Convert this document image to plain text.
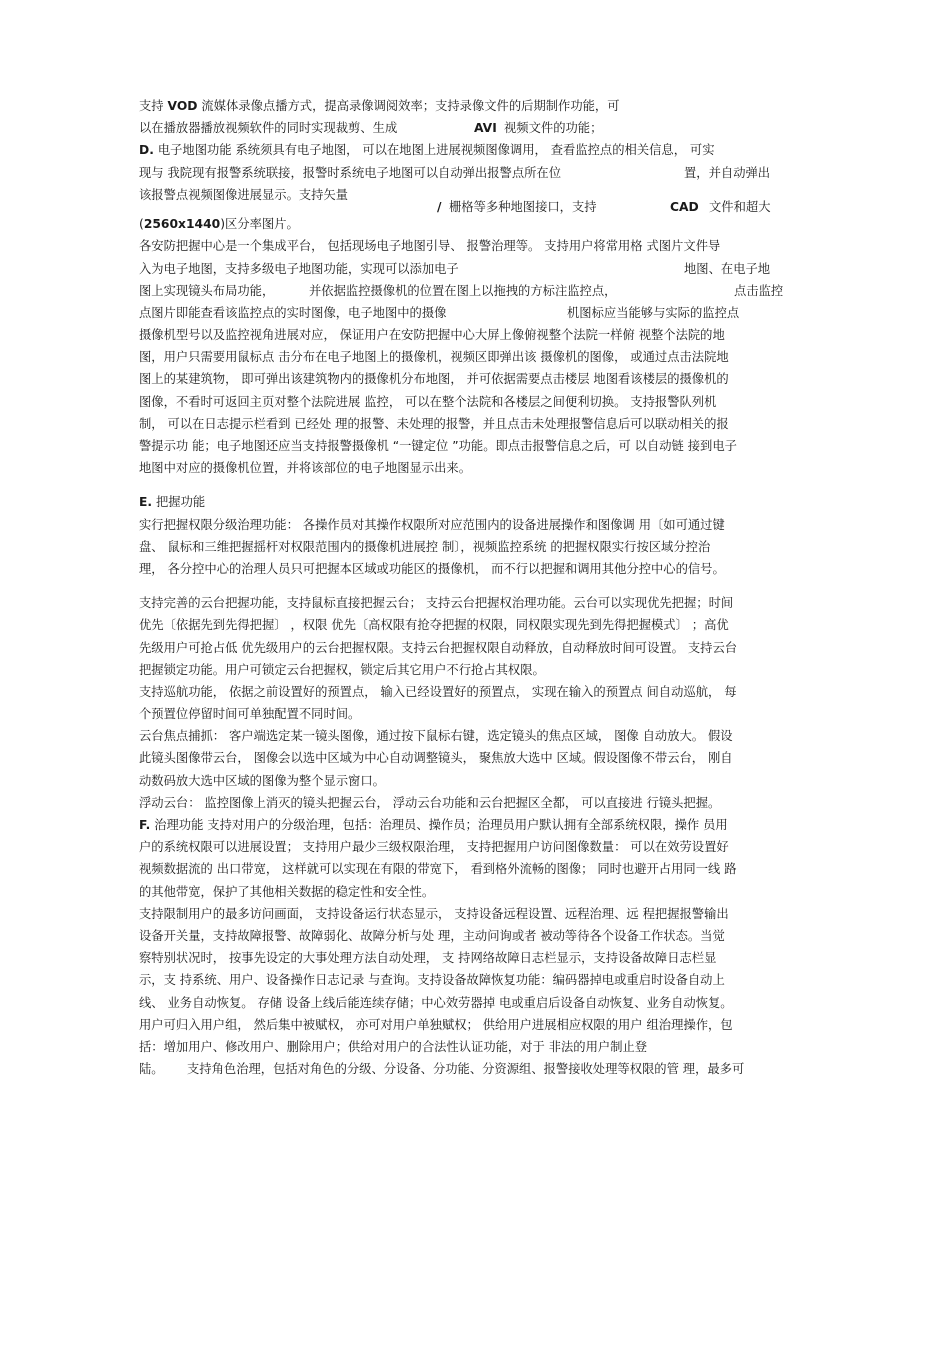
支持 VOD 流媒体录像点播方式，提高录像调阅效率；支持录像文件的后期制作功能，可
以在播放器播放视频软件的同时实现裁剪、生成	AVI 视频文件的功能；
D. 电子地图功能 系统须具有电子地图， 可以在地图上进展视频图像调用， 查看监控点的相关信息， 可实
现与 我院现有报警系统联接，报警时系统电子地图可以自动弹出报警点所在位	置，并自动弹出
该报警点视频图像进展显示。支持矢量
/ 栅格等多种地图接口，支持	CAD 文件和超大
(2560x1440)区分率图片。
各安防把握中心是一个集成平台， 包括现场电子地图引导、 报警治理等。 支持用户将常用格 式图片文件导
入为电子地图，支持多级电子地图功能，实现可以添加电子	地图、在电子地
图上实现镜头布局功能，	并依据监控摄像机的位置在图上以拖拽的方标注监控点，	点击监控
点图片即能查看该监控点的实时图像，电子地图中的摄像	机图标应当能够与实际的监控点
摄像机型号以及监控视角进展对应， 保证用户在安防把握中心大屏上像俯视整个法院一样俯 视整个法院的地
图，用户只需要用鼠标点 击分布在电子地图上的摄像机，视频区即弹出该 摄像机的图像， 或通过点击法院地
图上的某建筑物， 即可弹出该建筑物内的摄像机分布地图， 并可依据需要点击楼层 地图看该楼层的摄像机的
图像，不看时可返回主页对整个法院进展 监控， 可以在整个法院和各楼层之间便利切换。 支持报警队列机
制， 可以在日志提示栏看到 已经处 理的报警、未处理的报警，并且点击未处理报警信息后可以联动相关的报
警提示功 能；电子地图还应当支持报警摄像机 “一键定位 ”功能。即点击报警信息之后，可 以自动链 接到电子
地图中对应的摄像机位置，并将该部位的电子地图显示出来。
E. 把握功能
实行把握权限分级治理功能： 各操作员对其操作权限所对应范围内的设备进展操作和图像调 用〔如可通过键
盘、 鼠标和三维把握摇杆对权限范围内的摄像机进展控 制〕，视频监控系统 的把握权限实行按区域分控治
理， 各分控中心的治理人员只可把握本区域或功能区的摄像机， 而不行以把握和调用其他分控中心的信号。
支持完善的云台把握功能，支持鼠标直接把握云台； 支持云台把握权治理功能。云台可以实现优先把握；时间
优先〔依据先到先得把握〕 ，权限 优先〔高权限有抢夺把握的权限，同权限实现先到先得把握模式〕 ；高优
先级用户可抢占低 优先级用户的云台把握权限。支持云台把握权限自动释放，自动释放时间可设置。 支持云台
把握锁定功能。用户可锁定云台把握权，锁定后其它用户不行抢占其权限。
支持巡航功能， 依据之前设置好的预置点， 输入已经设置好的预置点， 实现在输入的预置点 间自动巡航， 每
个预置位停留时间可单独配置不同时间。
云台焦点捕抓： 客户端选定某一镜头图像，通过按下鼠标右键，选定镜头的焦点区域， 图像 自动放大。 假设
此镜头图像带云台， 图像会以选中区域为中心自动调整镜头， 聚焦放大选中 区域。假设图像不带云台， 刚自
动数码放大选中区域的图像为整个显示窗口。
浮动云台： 监控图像上消灭的镜头把握云台， 浮动云台功能和云台把握区全都， 可以直接进 行镜头把握。
F. 治理功能 支持对用户的分级治理，包括：治理员、操作员；治理员用户默认拥有全部系统权限，操作 员用
户的系统权限可以进展设置； 支持用户最少三级权限治理， 支持把握用户访问图像数量： 可以在效劳设置好
视频数据流的 出口带宽， 这样就可以实现在有限的带宽下， 看到格外流畅的图像； 同时也避开占用同一线 路
的其他带宽，保护了其他相关数据的稳定性和安全性。
支持限制用户的最多访问画面， 支持设备运行状态显示， 支持设备远程设置、远程治理、远 程把握报警输出
设备开关量，支持故障报警、故障弱化、故障分析与处 理，主动问询或者 被动等待各个设备工作状态。当觉
察特别状况时， 按事先设定的大事处理方法自动处理， 支 持网络故障日志栏显示，支持设备故障日志栏显
示，支 持系统、用户、设备操作日志记录 与查询。支持设备故障恢复功能：编码器掉电或重启时设备自动上
线、 业务自动恢复。 存储 设备上线后能连续存储；中心效劳器掉 电或重启后设备自动恢复、业务自动恢复。
用户可归入用户组， 然后集中被赋权， 亦可对用户单独赋权； 供给用户进展相应权限的用户 组治理操作，包
括：增加用户、修改用户、删除用户；供给对用户的合法性认证功能，对于 非法的用户制止登
陆。 支持角色治理，包括对角色的分级、分设备、分功能、分资源组、报警接收处理等权限的管 理，最多可
